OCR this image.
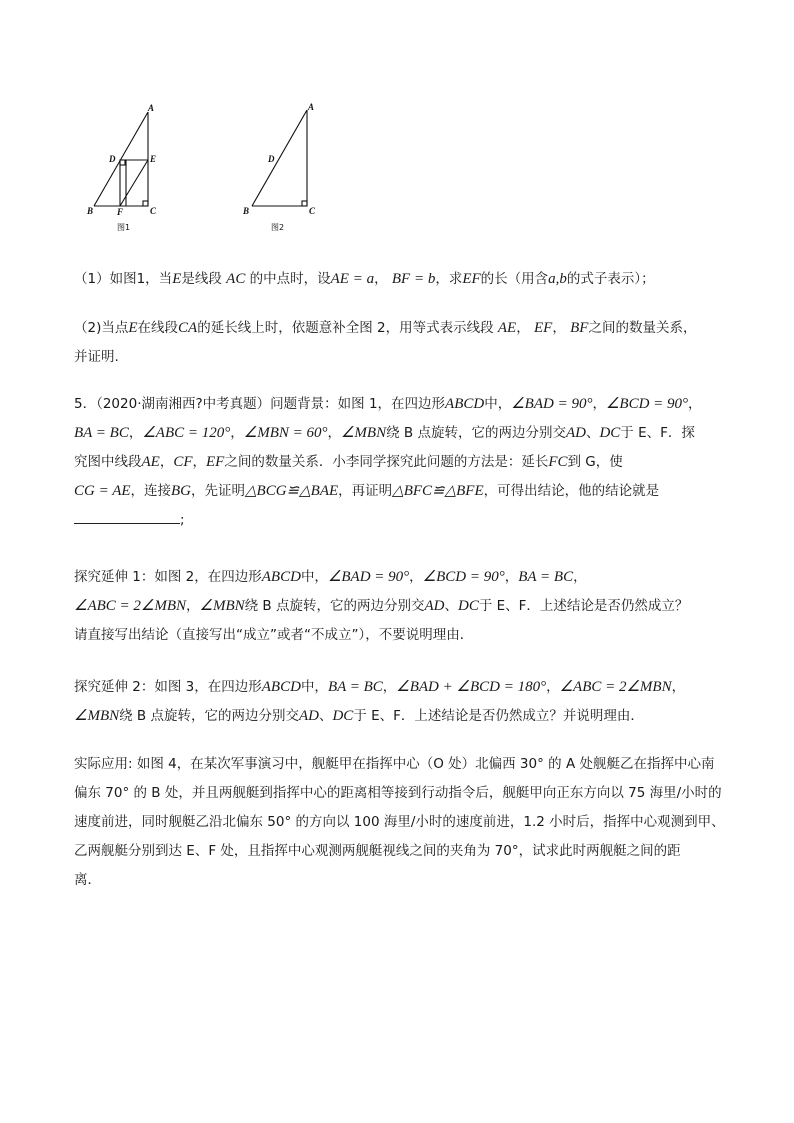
A
D	E
B	F	C
图1
A
D
B	C
图2
（1）如图1，当E是线段 AC 的中点时，设AE = a， BF = b，求EF的长（用含a,b的式子表示）；
（2)当点E在线段CA的延长线上时，依题意补全图 2，用等式表示线段 AE， EF， BF之间的数量关系，
并证明.
5．（2020·湖南湘西?中考真题）问题背景：如图 1，在四边形ABCD中，∠BAD = 90°，∠BCD = 90°，
BA = BC，∠ABC = 120°，∠MBN = 60°，∠MBN绕 B 点旋转，它的两边分别交AD、DC于 E、F．探
究图中线段AE，CF，EF之间的数量关系．小李同学探究此问题的方法是：延长FC到 G，使
CG = AE，连接BG，先证明△BCG≌△BAE，再证明△BFC≌△BFE，可得出结论，他的结论就是
;
探究延伸 1：如图 2，在四边形ABCD中，∠BAD = 90°，∠BCD = 90°，BA = BC，
∠ABC = 2∠MBN，∠MBN绕 B 点旋转，它的两边分别交AD、DC于 E、F．上述结论是否仍然成立？
请直接写出结论（直接写出“成立”或者“不成立”），不要说明理由．
探究延伸 2：如图 3，在四边形ABCD中，BA = BC，∠BAD + ∠BCD = 180°，∠ABC = 2∠MBN，
∠MBN绕 B 点旋转，它的两边分别交AD、DC于 E、F．上述结论是否仍然成立？并说明理由．
实际应用: 如图 4，在某次军事演习中，舰艇甲在指挥中心（O 处）北偏西 30° 的 A 处舰艇乙在指挥中心南
偏东 70° 的 B 处，并且两舰艇到指挥中心的距离相等接到行动指令后，舰艇甲向正东方向以 75 海里/小时的
速度前进，同时舰艇乙沿北偏东 50° 的方向以 100 海里/小时的速度前进，1.2 小时后，指挥中心观测到甲、
乙两舰艇分别到达 E、F 处，且指挥中心观测两舰艇视线之间的夹角为 70°，试求此时两舰艇之间的距
离．
